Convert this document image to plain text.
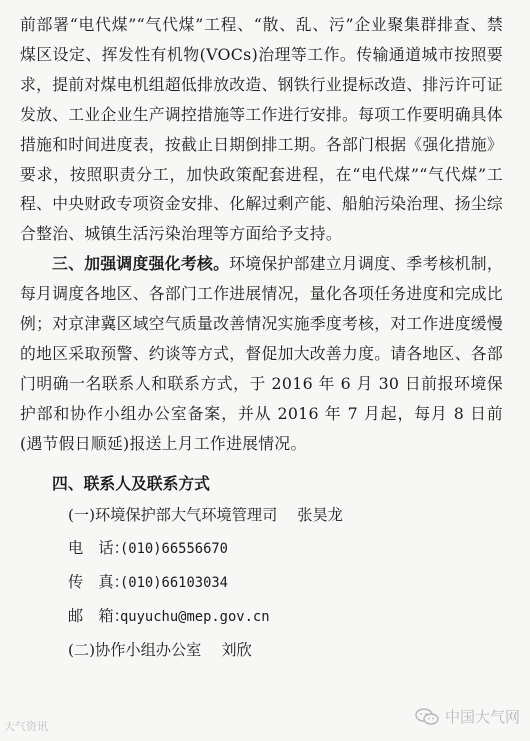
前部署“电代煤”“气代煤”工程、“散、乱、污”企业聚集群排查、禁煤区设定、挥发性有机物(VOCs)治理等工作。传输通道城市按照要求，提前对煤电机组超低排放改造、钢铁行业提标改造、排污许可证发放、工业企业生产调控措施等工作进行安排。每项工作要明确具体措施和时间进度表，按截止日期倒排工期。各部门根据《强化措施》要求，按照职责分工，加快政策配套进程，在“电代煤”“气代煤”工程、中央财政专项资金安排、化解过剩产能、船舶污染治理、扬尘综合整治、城镇生活污染治理等方面给予支持。

三、加强调度强化考核。环境保护部建立月调度、季考核机制，每月调度各地区、各部门工作进展情况，量化各项任务进度和完成比例；对京津冀区域空气质量改善情况实施季度考核，对工作进度缓慢的地区采取预警、约谈等方式，督促加大改善力度。请各地区、各部门明确一名联系人和联系方式，于 2016 年 6 月 30 日前报环境保护部和协作小组办公室备案，并从 2016 年 7 月起，每月 8 日前(遇节假日顺延)报送上月工作进展情况。

四、联系人及联系方式

(一)环境保护部大气环境管理司　 张昊龙

电　话：(010)66556670

传　真：(010)66103034

邮　箱：quyuchu@mep.gov.cn

(二)协作小组办公室　 刘欣

大气资讯
中国大气网
